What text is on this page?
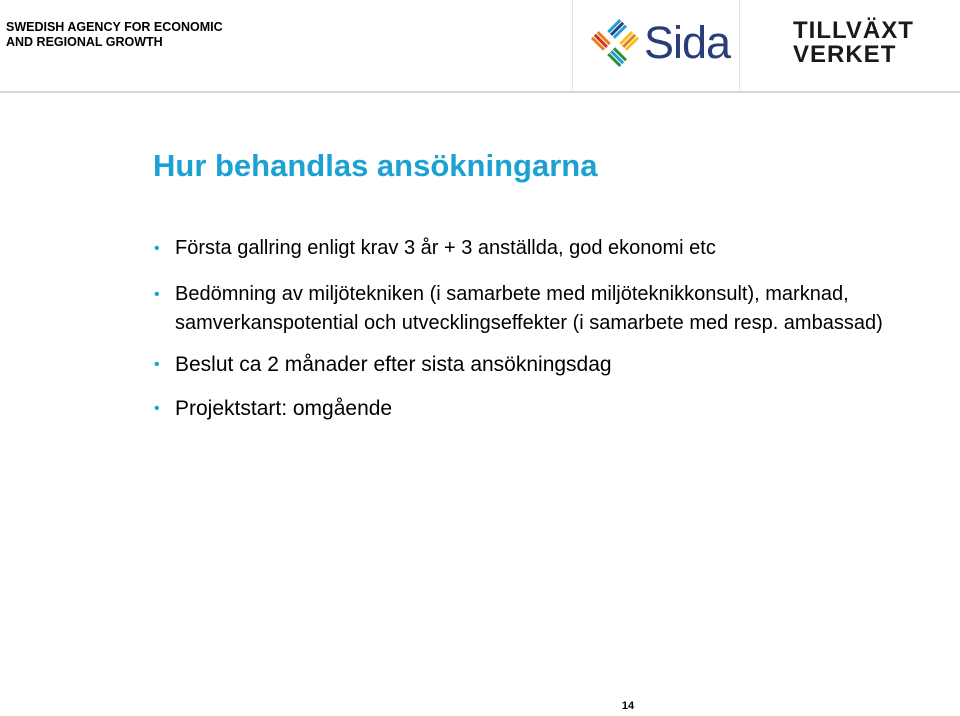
SWEDISH AGENCY FOR ECONOMIC
AND REGIONAL GROWTH	Sida	TILLVÄXT
VERKET
Hur behandlas ansökningarna
• Första gallring enligt krav 3 år + 3 anställda, god ekonomi etc
• Bedömning av miljötekniken (i samarbete med miljöteknikkonsult), marknad, samverkanspotential och utvecklingseffekter (i samarbete med resp. ambassad)
• Beslut ca 2 månader efter sista ansökningsdag
• Projektstart: omgående
14
